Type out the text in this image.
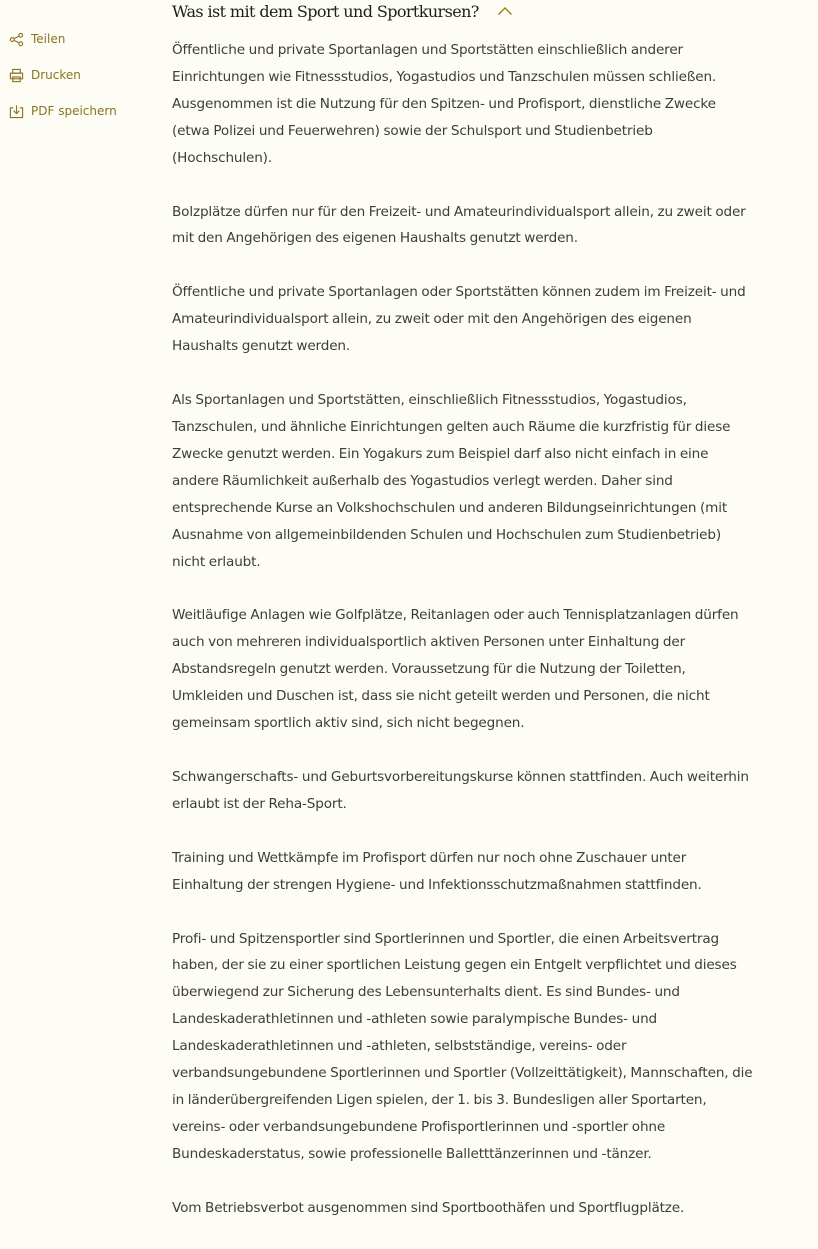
Teilen
Drucken
PDF speichern
Was ist mit dem Sport und Sportkursen?

Öffentliche und private Sportanlagen und Sportstätten einschließlich anderer Einrichtungen wie Fitnessstudios, Yogastudios und Tanzschulen müssen schließen. Ausgenommen ist die Nutzung für den Spitzen- und Profisport, dienstliche Zwecke (etwa Polizei und Feuerwehren) sowie der Schulsport und Studienbetrieb (Hochschulen).

Bolzplätze dürfen nur für den Freizeit- und Amateurindividualsport allein, zu zweit oder mit den Angehörigen des eigenen Haushalts genutzt werden.

Öffentliche und private Sportanlagen oder Sportstätten können zudem im Freizeit- und Amateurindividualsport allein, zu zweit oder mit den Angehörigen des eigenen Haushalts genutzt werden.

Als Sportanlagen und Sportstätten, einschließlich Fitnessstudios, Yogastudios, Tanzschulen, und ähnliche Einrichtungen gelten auch Räume die kurzfristig für diese Zwecke genutzt werden. Ein Yogakurs zum Beispiel darf also nicht einfach in eine andere Räumlichkeit außerhalb des Yogastudios verlegt werden. Daher sind entsprechende Kurse an Volkshochschulen und anderen Bildungseinrichtungen (mit Ausnahme von allgemeinbildenden Schulen und Hochschulen zum Studienbetrieb) nicht erlaubt.

Weitläufige Anlagen wie Golfplätze, Reitanlagen oder auch Tennisplatzanlagen dürfen auch von mehreren individualsportlich aktiven Personen unter Einhaltung der Abstandsregeln genutzt werden. Voraussetzung für die Nutzung der Toiletten, Umkleiden und Duschen ist, dass sie nicht geteilt werden und Personen, die nicht gemeinsam sportlich aktiv sind, sich nicht begegnen.

Schwangerschafts- und Geburtsvorbereitungskurse können stattfinden. Auch weiterhin erlaubt ist der Reha-Sport.

Training und Wettkämpfe im Profisport dürfen nur noch ohne Zuschauer unter Einhaltung der strengen Hygiene- und Infektionsschutzmaßnahmen stattfinden.

Profi- und Spitzensportler sind Sportlerinnen und Sportler, die einen Arbeitsvertrag haben, der sie zu einer sportlichen Leistung gegen ein Entgelt verpflichtet und dieses überwiegend zur Sicherung des Lebensunterhalts dient. Es sind Bundes- und Landeskaderathletinnen und -athleten sowie paralympische Bundes- und Landeskaderathletinnen und -athleten, selbstständige, vereins- oder verbandsungebundene Sportlerinnen und Sportler (Vollzeittätigkeit), Mannschaften, die in länderübergreifenden Ligen spielen, der 1. bis 3. Bundesligen aller Sportarten, vereins- oder verbandsungebundene Profisportlerinnen und -sportler ohne Bundeskaderstatus, sowie professionelle Balletttänzerinnen und -tänzer.

Vom Betriebsverbot ausgenommen sind Sportboothäfen und Sportflugplätze.
